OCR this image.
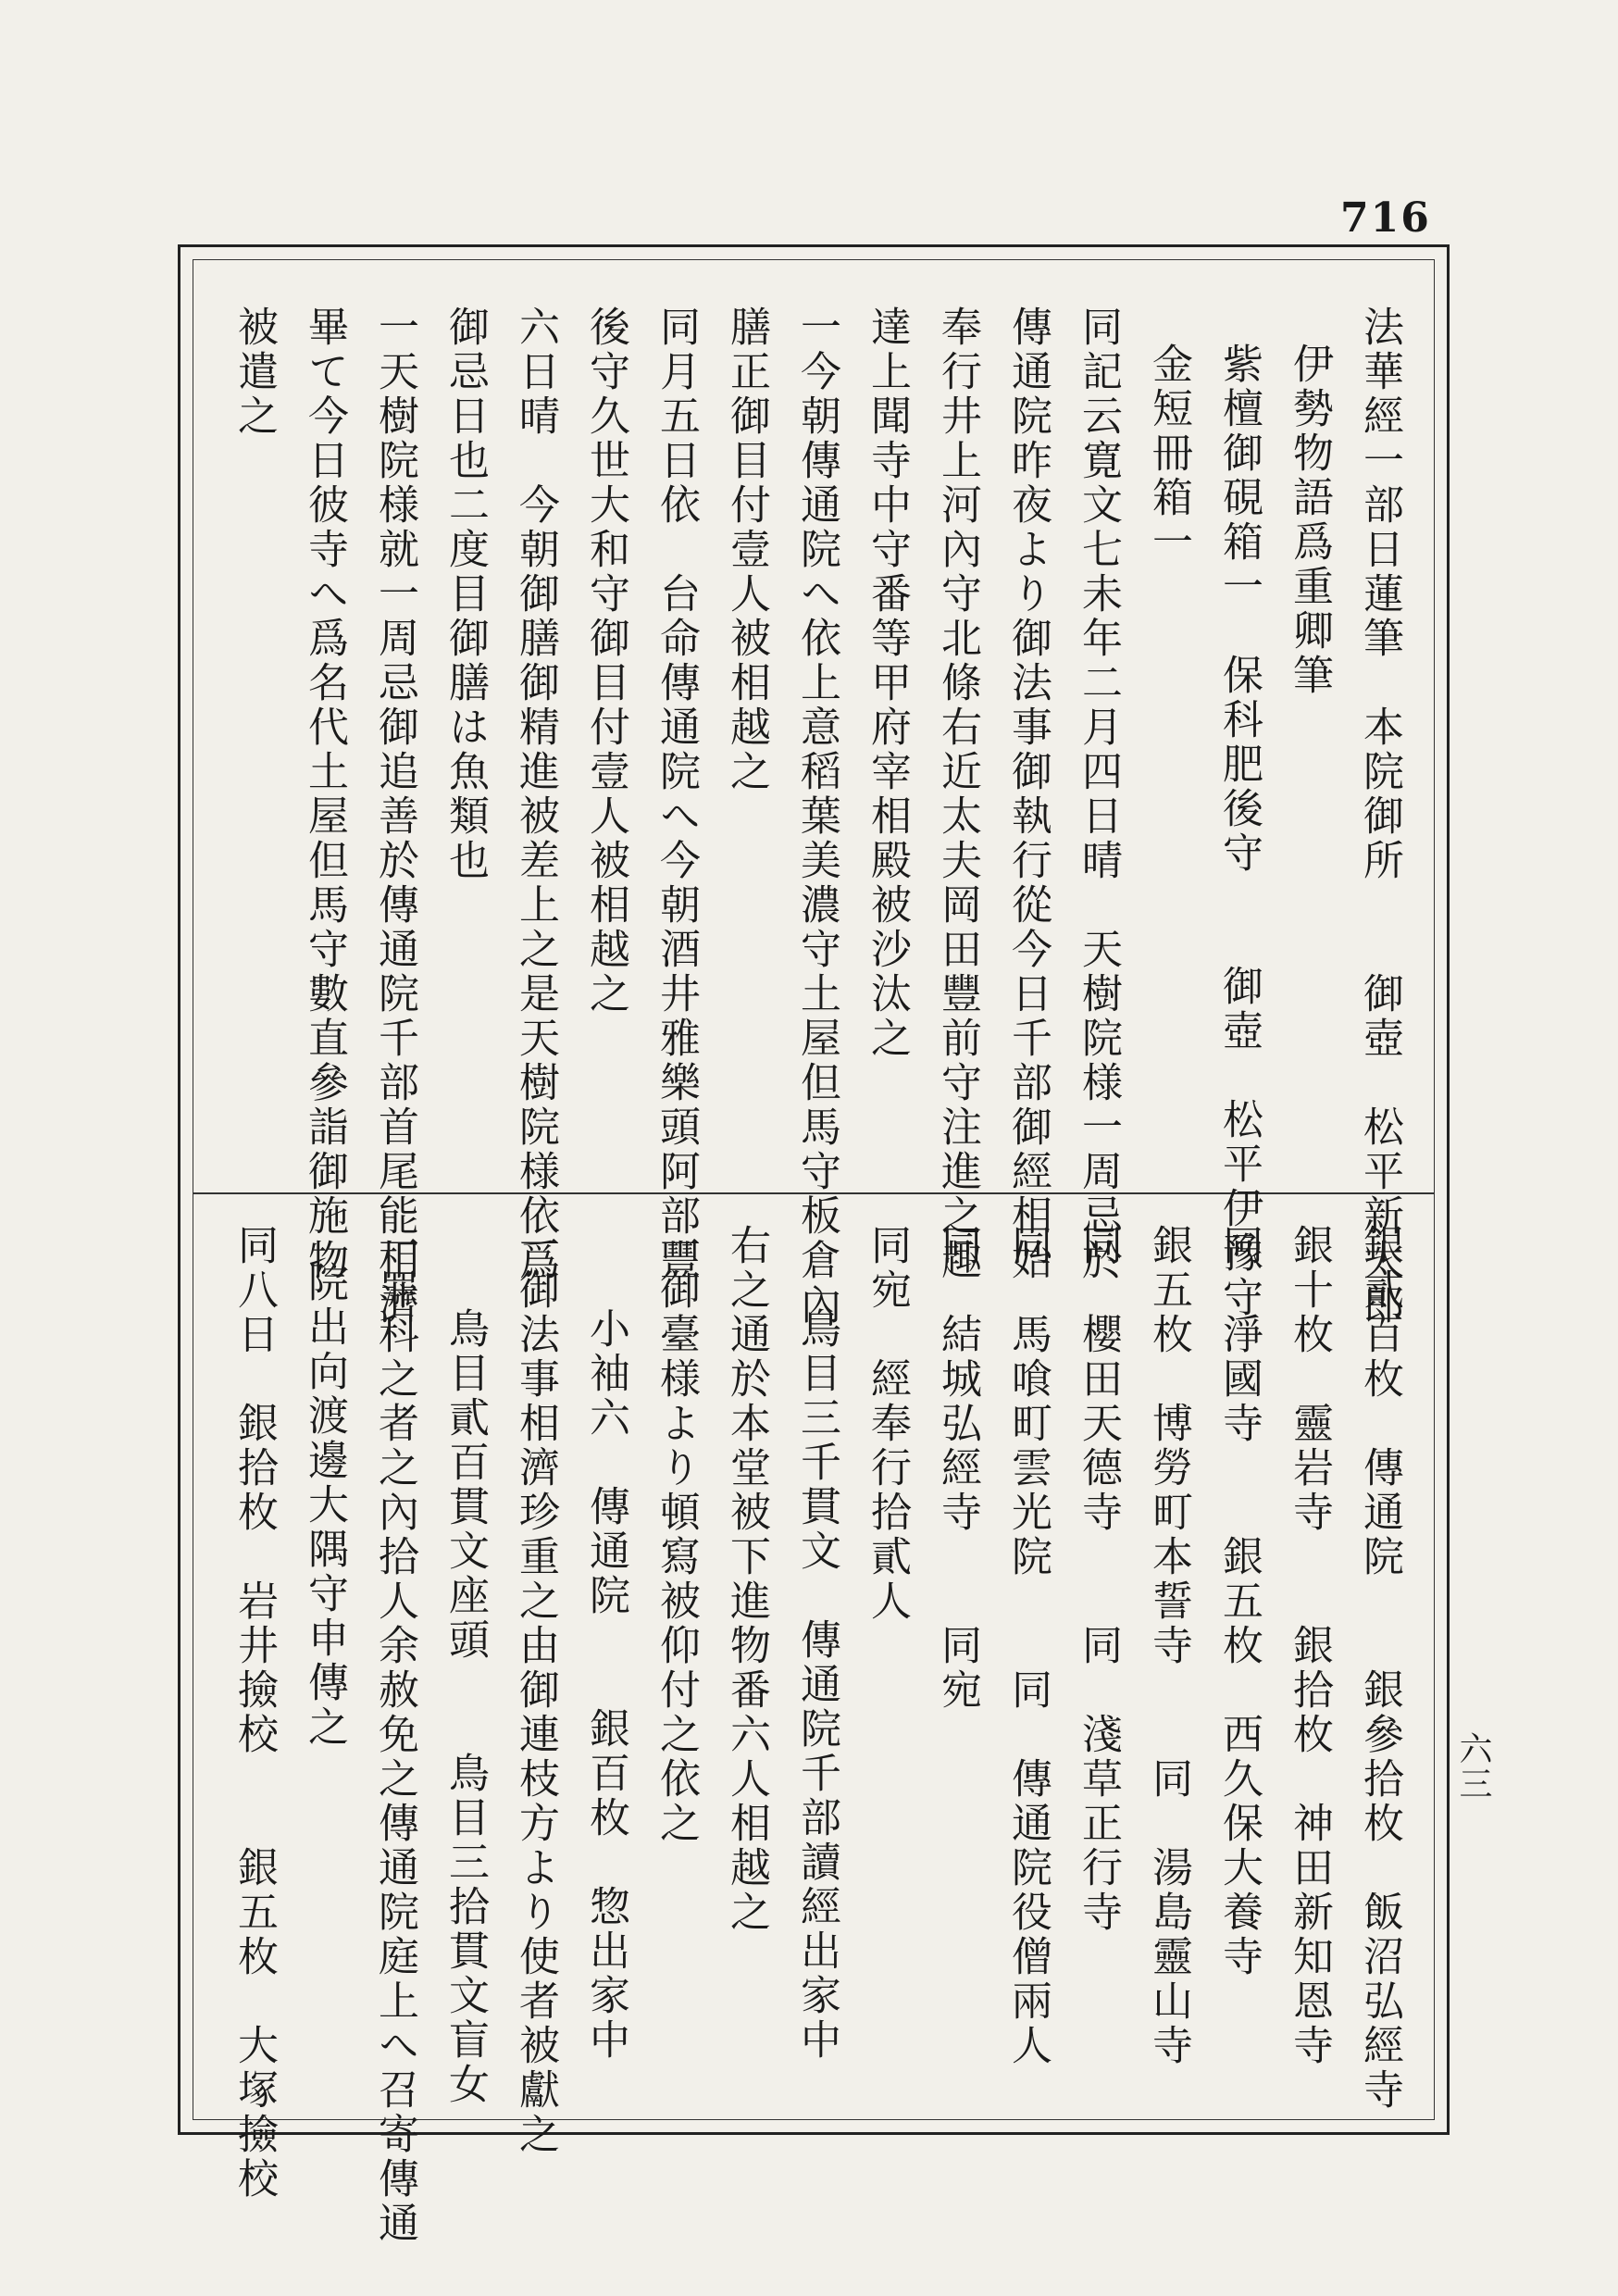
716
六三

法華經一部日蓮筆　本院御所　　御壺　松平新太郎

伊勢物語爲重卿筆

紫檀御硯箱一　保科肥後守　　御壺　松平伊豫守

金短冊箱一

同記云寛文七未年二月四日晴　天樹院様一周忌於

傳通院昨夜より御法事御執行從今日千部御經相始

奉行井上河內守北條右近太夫岡田豐前守注進之趣

達上聞寺中守番等甲府宰相殿被沙汰之

一今朝傳通院へ依上意稻葉美濃守土屋但馬守板倉內

膳正御目付壹人被相越之

同月五日依　台命傳通院へ今朝酒井雅樂頭阿部豐

後守久世大和守御目付壹人被相越之

六日晴　今朝御膳御精進被差上之是天樹院様依爲

御忌日也二度目御膳は魚類也

一天樹院様就一周忌御追善於傳通院千部首尾能相濟

畢て今日彼寺へ爲名代土屋但馬守數直參詣御施物

被遣之

銀貳百枚　傳通院　　銀參拾枚　飯沼弘經寺

銀十枚　靈岩寺　　銀拾枚　神田新知恩寺

同　淨國寺　　銀五枚　西久保大養寺

銀五枚　博勞町本誓寺　　同　湯島靈山寺

同　櫻田天德寺　　同　淺草正行寺

同　馬喰町雲光院　　同　傳通院役僧兩人

同　結城弘經寺　　同宛

同宛　經奉行拾貳人

鳥目三千貫文　傳通院千部讀經出家中

右之通於本堂被下進物番六人相越之

一御臺様より頓寫被仰付之依之

小袖六　傳通院　　銀百枚　惣出家中

一御法事相濟珍重之由御連枝方より使者被獻之

鳥目貳百貫文座頭　　鳥目三拾貫文盲女

一罪科之者之內拾人余赦免之傳通院庭上へ召寄傳通

院出向渡邊大隅守申傳之

同八日　銀拾枚　岩井撿校　　銀五枚　大塚撿校
